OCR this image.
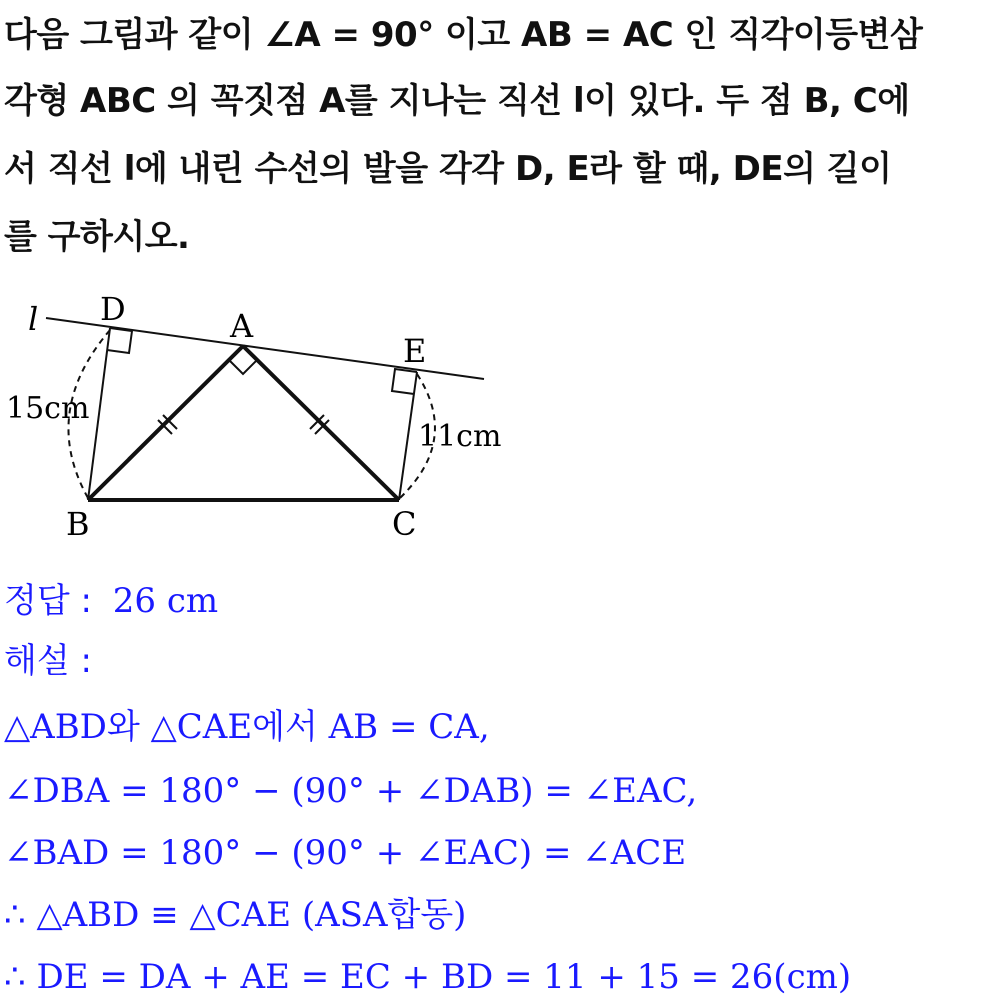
다음 그림과 같이 ∠A = 90° 이고 AB = AC 인 직각이등변삼
각형 ABC 의 꼭짓점 A를 지나는 직선 l이 있다. 두 점 B, C에
서 직선 l에 내린 수선의 발을 각각 D, E라 할 때, DE의 길이
를 구하시오.
l D	A
E
B	C
15cm
11cm
정답 : 26 cm
해설 :
△ABD와 △CAE에서 AB = CA,
∠DBA = 180° − (90° + ∠DAB) = ∠EAC,
∠BAD = 180° − (90° + ∠EAC) = ∠ACE
∴ △ABD ≡ △CAE (ASA합동)
∴ DE = DA + AE = EC + BD = 11 + 15 = 26(cm)
